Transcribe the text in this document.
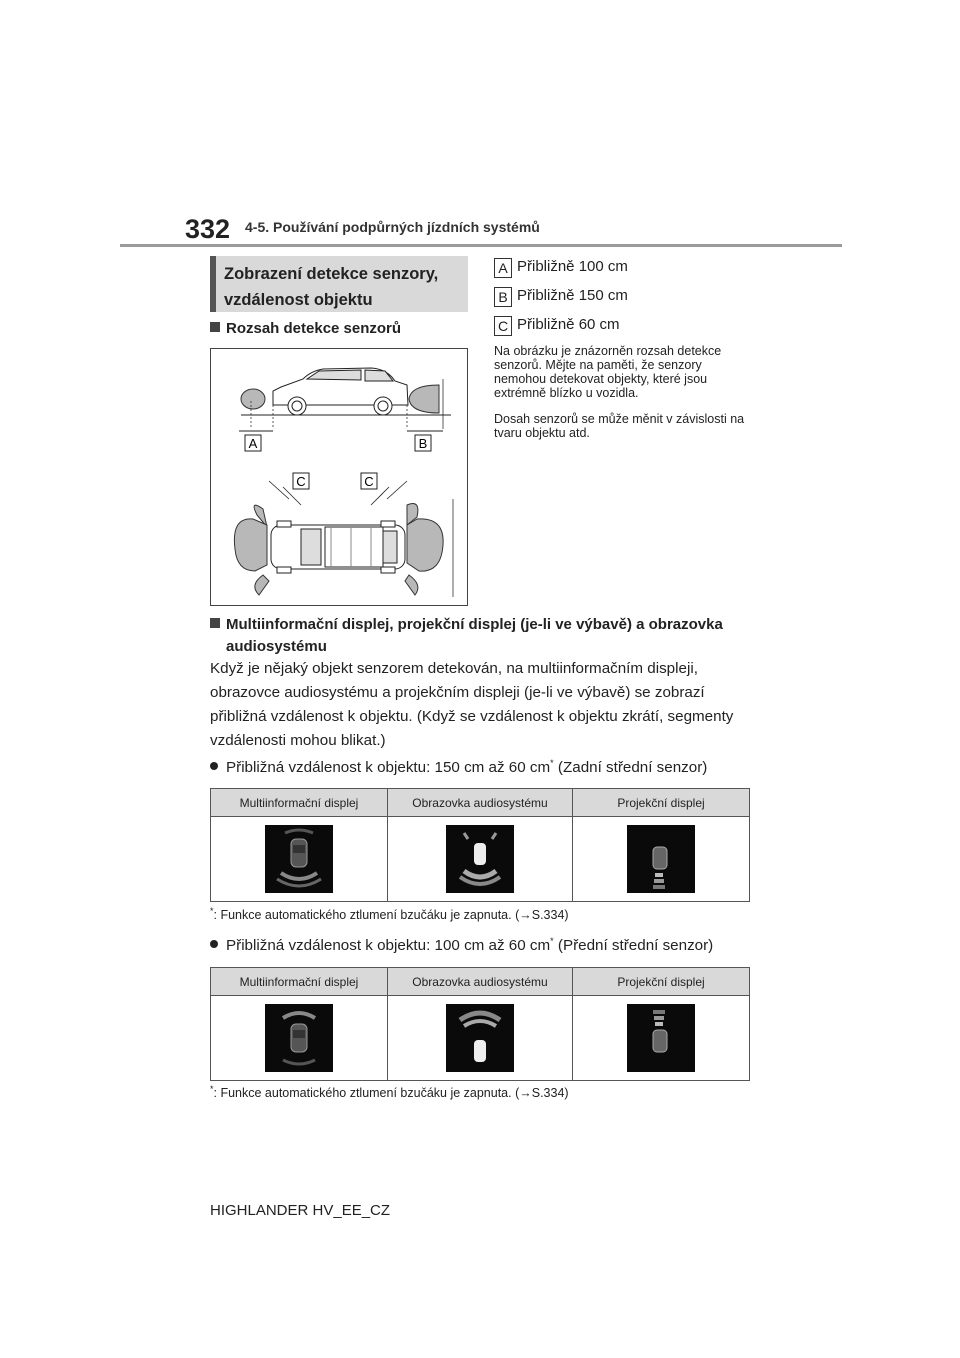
332 4-5. Používání podpůrných jízdních systémů
Zobrazení detekce senzory,
vzdálenost objektu
Rozsah detekce senzorů
A	B
C	C
A Přibližně 100 cm
B Přibližně 150 cm
C Přibližně 60 cm
Na obrázku je znázorněn rozsah detekce senzorů. Mějte na paměti, že senzory nemohou detekovat objekty, které jsou extrémně blízko u vozidla.
Dosah senzorů se může měnit v závislosti na tvaru objektu atd.
Multiinformační displej, projekční displej (je-li ve výbavě) a obrazovka
audiosystému
Když je nějaký objekt senzorem detekován, na multiinformačním displeji, obrazovce audiosystému a projekčním displeji (je-li ve výbavě) se zobrazí přibližná vzdálenost k objektu. (Když se vzdálenost k objektu zkrátí, segmenty vzdálenosti mohou blikat.)
Přibližná vzdálenost k objektu: 150 cm až 60 cm* (Zadní střední senzor)
Multiinformační displej	Obrazovka audiosystému	Projekční displej

*: Funkce automatického ztlumení bzučáku je zapnuta. (→S.334)
Přibližná vzdálenost k objektu: 100 cm až 60 cm* (Přední střední senzor)
Multiinformační displej	Obrazovka audiosystému	Projekční displej

*: Funkce automatického ztlumení bzučáku je zapnuta. (→S.334)
HIGHLANDER HV_EE_CZ
